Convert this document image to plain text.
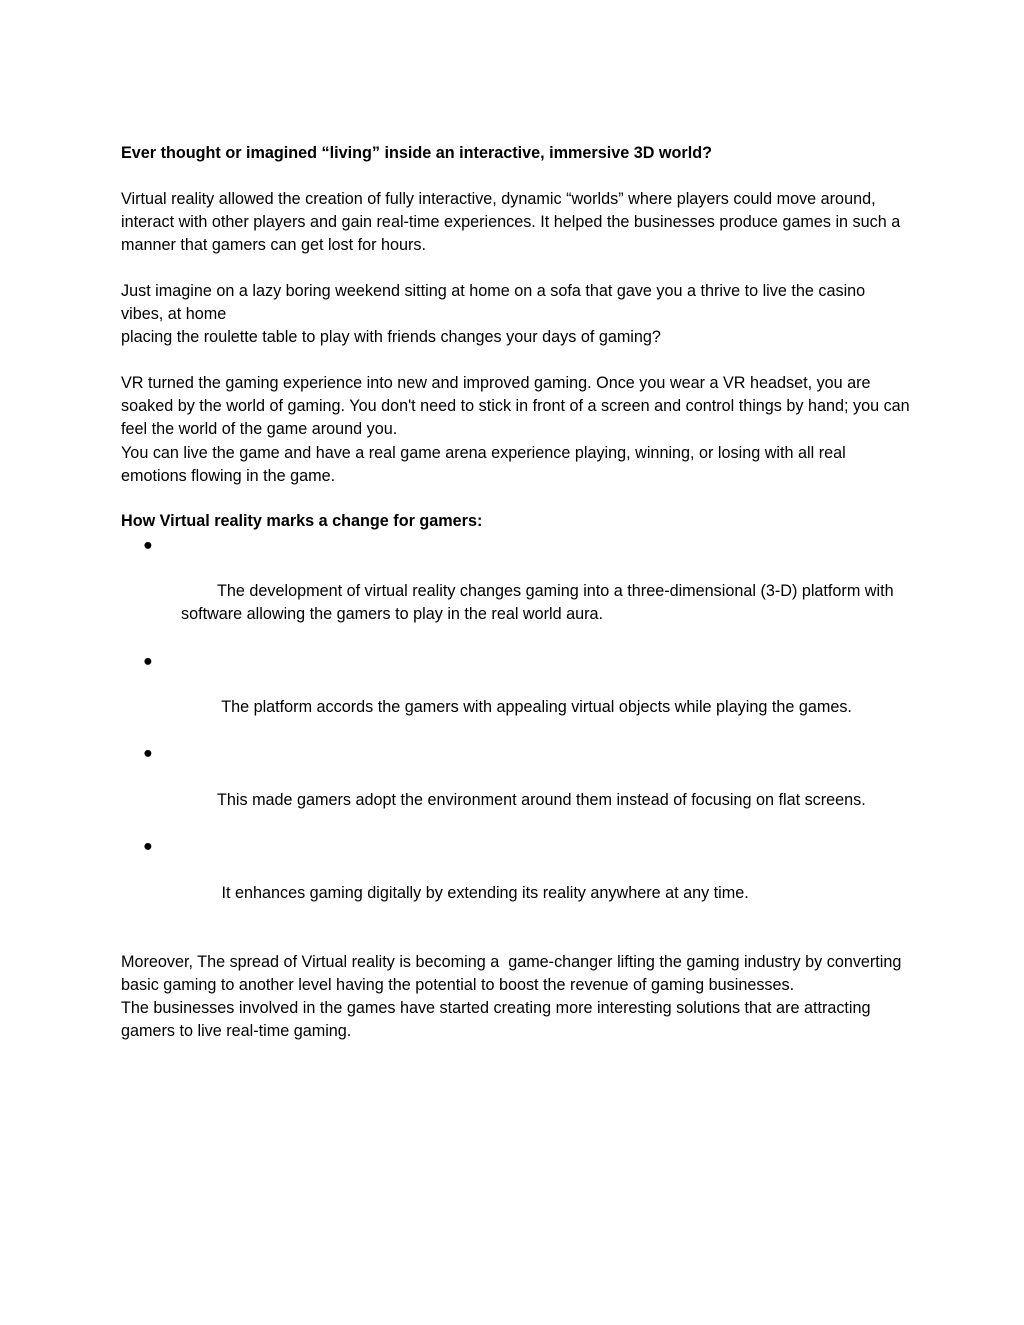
Ever thought or imagined “living” inside an interactive, immersive 3D world?

Virtual reality allowed the creation of fully interactive, dynamic “worlds” where players could move around, interact with other players and gain real-time experiences. It helped the businesses produce games in such a manner that gamers can get lost for hours.

Just imagine on a lazy boring weekend sitting at home on a sofa that gave you a thrive to live the casino vibes, at home

placing the roulette table to play with friends changes your days of gaming?

VR turned the gaming experience into new and improved gaming. Once you wear a VR headset, you are soaked by the world of gaming. You don't need to stick in front of a screen and control things by hand; you can feel the world of the game around you.

You can live the game and have a real game arena experience playing, winning, or losing with all real emotions flowing in the game.

How Virtual reality marks a change for gamers:

●

The development of virtual reality changes gaming into a three-dimensional (3-D) platform with software allowing the gamers to play in the real world aura.

●

The platform accords the gamers with appealing virtual objects while playing the games.

●

This made gamers adopt the environment around them instead of focusing on flat screens.

●

It enhances gaming digitally by extending its reality anywhere at any time.

Moreover, The spread of Virtual reality is becoming a  game-changer lifting the gaming industry by converting basic gaming to another level having the potential to boost the revenue of gaming businesses.

The businesses involved in the games have started creating more interesting solutions that are attracting gamers to live real-time gaming.
